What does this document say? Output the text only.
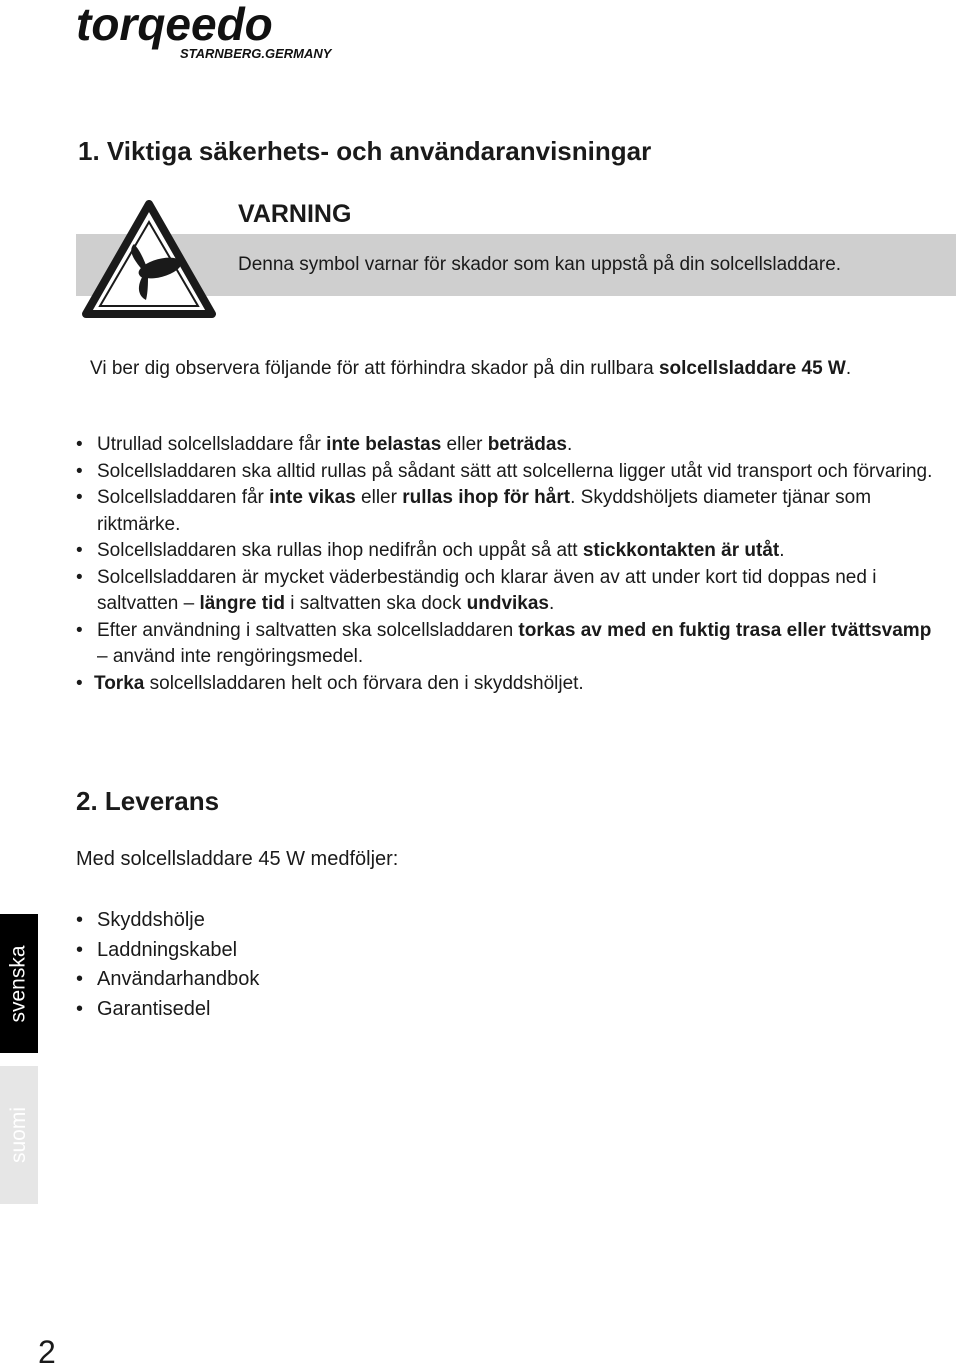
torqeedo
STARNBERG.GERMANY
1. Viktiga säkerhets- och användaranvisningar
VARNING
Denna symbol varnar för skador som kan uppstå på din solcellsladdare.
Vi ber dig observera följande för att förhindra skador på din rullbara solcellsladdare 45 W.
• Utrullad solcellsladdare får inte belastas eller beträdas.
• Solcellsladdaren ska alltid rullas på sådant sätt att solcellerna ligger utåt vid transport och förvaring.
• Solcellsladdaren får inte vikas eller rullas ihop för hårt. Skyddshöljets diameter tjänar som riktmärke.
• Solcellsladdaren ska rullas ihop nedifrån och uppåt så att stickkontakten är utåt.
• Solcellsladdaren är mycket väderbeständig och klarar även av att under kort tid doppas ned i saltvatten – längre tid i saltvatten ska dock undvikas.
• Efter användning i saltvatten ska solcellsladdaren torkas av med en fuktig trasa eller tvättsvamp – använd inte rengöringsmedel.
• Torka solcellsladdaren helt och förvara den i skyddshöljet.
2. Leverans
Med solcellsladdare 45 W medföljer:
• Skyddshölje
• Laddningskabel
• Användarhandbok
• Garantisedel
svenska
suomi
2
